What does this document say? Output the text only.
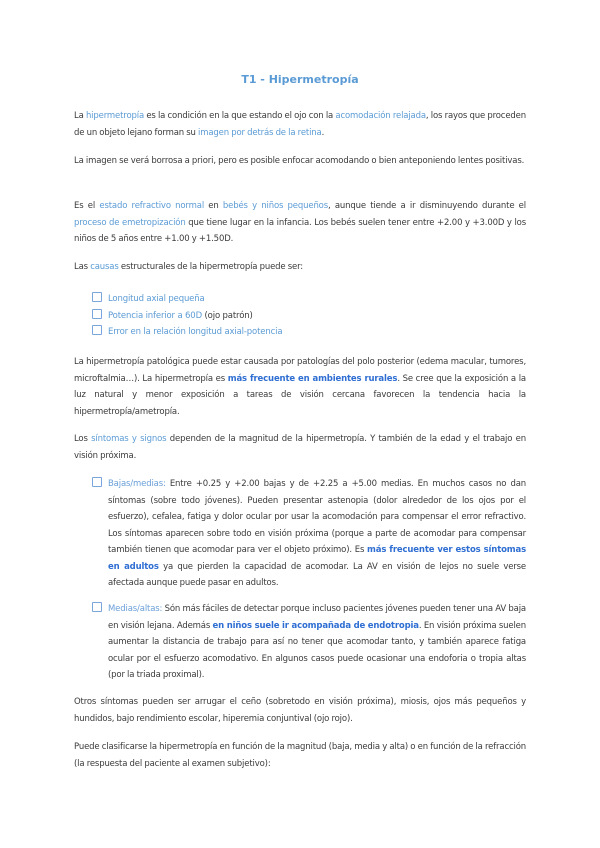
T1 - Hipermetropía
La hipermetropía es la condición en la que estando el ojo con la acomodación relajada, los rayos que proceden de un objeto lejano forman su imagen por detrás de la retina.
La imagen se verá borrosa a priori, pero es posible enfocar acomodando o bien anteponiendo lentes positivas.
Es el estado refractivo normal en bebés y niños pequeños, aunque tiende a ir disminuyendo durante el proceso de emetropización que tiene lugar en la infancia. Los bebés suelen tener entre +2.00 y +3.00D y los niños de 5 años entre +1.00 y +1.50D.
Las causas estructurales de la hipermetropía puede ser:
Longitud axial pequeña
Potencia inferior a 60D (ojo patrón)
Error en la relación longitud axial-potencia
La hipermetropía patológica puede estar causada por patologías del polo posterior (edema macular, tumores, microftalmia…). La hipermetropía es más frecuente en ambientes rurales. Se cree que la exposición a la luz natural y menor exposición a tareas de visión cercana favorecen la tendencia hacia la hipermetropía/ametropía.
Los síntomas y signos dependen de la magnitud de la hipermetropía. Y también de la edad y el trabajo en visión próxima.
Bajas/medias: Entre +0.25 y +2.00 bajas y de +2.25 a +5.00 medias. En muchos casos no dan síntomas (sobre todo jóvenes). Pueden presentar astenopia (dolor alrededor de los ojos por el esfuerzo), cefalea, fatiga y dolor ocular por usar la acomodación para compensar el error refractivo. Los síntomas aparecen sobre todo en visión próxima (porque a parte de acomodar para compensar también tienen que acomodar para ver el objeto próximo). Es más frecuente ver estos síntomas en adultos ya que pierden la capacidad de acomodar. La AV en visión de lejos no suele verse afectada aunque puede pasar en adultos.
Medias/altas: Són más fáciles de detectar porque incluso pacientes jóvenes pueden tener una AV baja en visión lejana. Además en niños suele ir acompañada de endotropia. En visión próxima suelen aumentar la distancia de trabajo para así no tener que acomodar tanto, y también aparece fatiga ocular por el esfuerzo acomodativo. En algunos casos puede ocasionar una endoforia o tropia altas (por la triada proximal).
Otros síntomas pueden ser arrugar el ceño (sobretodo en visión próxima), miosis, ojos más pequeños y hundidos, bajo rendimiento escolar, hiperemia conjuntival (ojo rojo).
Puede clasificarse la hipermetropía en función de la magnitud (baja, media y alta) o en función de la refracción (la respuesta del paciente al examen subjetivo):
